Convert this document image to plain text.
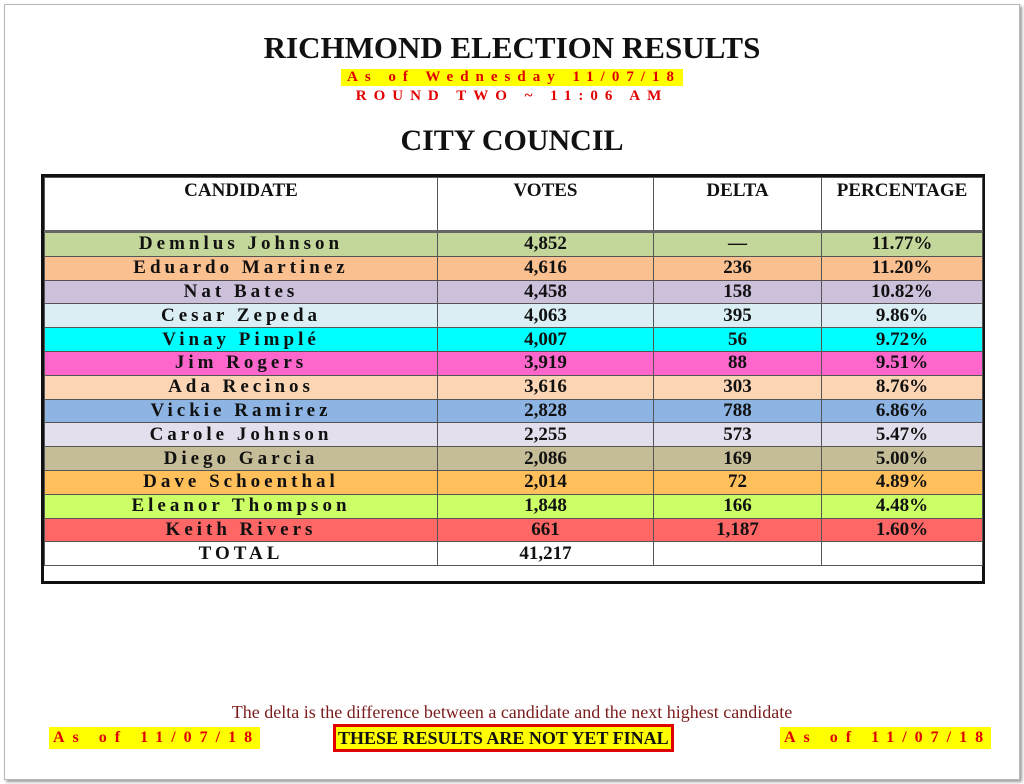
RICHMOND ELECTION RESULTS
As of Wednesday 11/07/18
ROUND TWO ~ 11:06 AM
CITY COUNCIL
CANDIDATE	VOTES	DELTA	PERCENTAGE
Demnlus Johnson	4,852	—	11.77%
Eduardo Martinez	4,616	236	11.20%
Nat Bates	4,458	158	10.82%
Cesar Zepeda	4,063	395	9.86%
Vinay Pimplé	4,007	56	9.72%
Jim Rogers	3,919	88	9.51%
Ada Recinos	3,616	303	8.76%
Vickie Ramirez	2,828	788	6.86%
Carole Johnson	2,255	573	5.47%
Diego Garcia	2,086	169	5.00%
Dave Schoenthal	2,014	72	4.89%
Eleanor Thompson	1,848	166	4.48%
Keith Rivers	661	1,187	1.60%
TOTAL	41,217		
The delta is the difference between a candidate and the next highest candidate
As of 11/07/18	THESE RESULTS ARE NOT YET FINAL	As of 11/07/18
